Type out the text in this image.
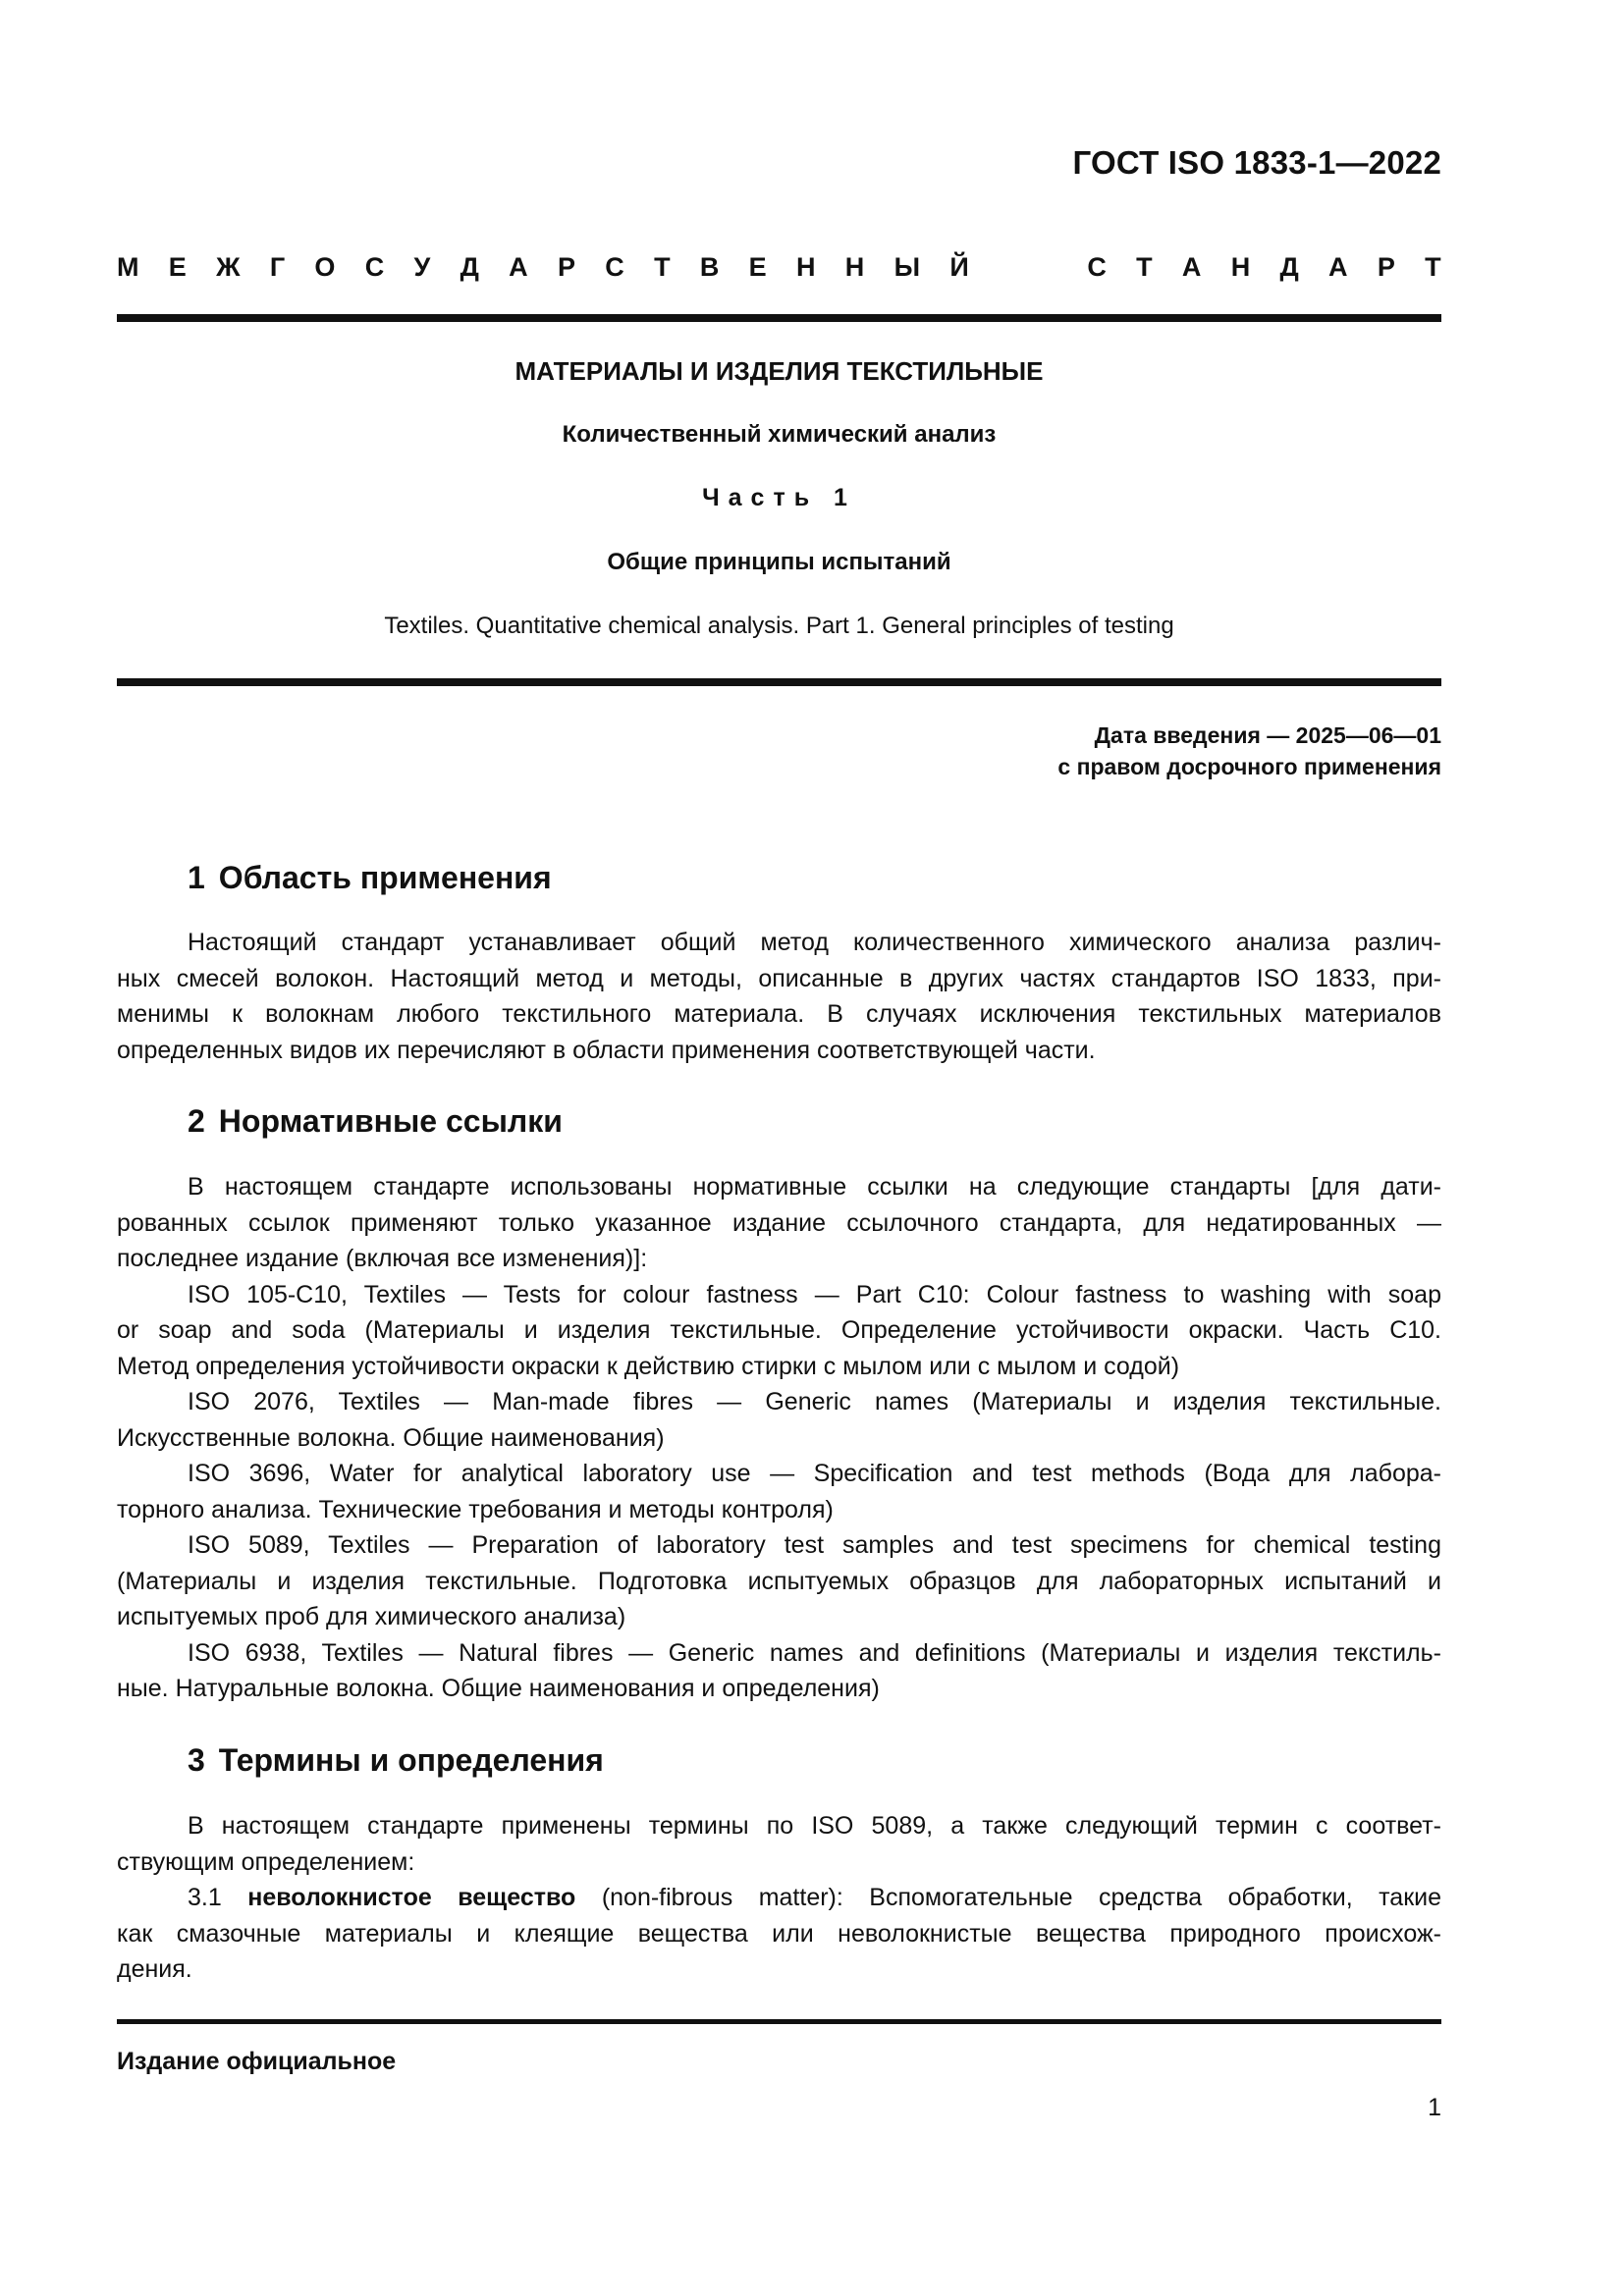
ГОСТ ISO 1833-1—2022
М Е Ж Г О С У Д А Р С Т В Е Н Н Ы Й	С Т А Н Д А Р Т
МАТЕРИАЛЫ И ИЗДЕЛИЯ ТЕКСТИЛЬНЫЕ
Количественный химический анализ
Часть 1
Общие принципы испытаний
Textiles. Quantitative chemical analysis. Part 1. General principles of testing
Дата введения — 2025—06—01
с правом досрочного применения
1 Область применения
Настоящий стандарт устанавливает общий метод количественного химического анализа различ-
ных смесей волокон. Настоящий метод и методы, описанные в других частях стандартов ISO 1833, при-
менимы к волокнам любого текстильного материала. В случаях исключения текстильных материалов
определенных видов их перечисляют в области применения соответствующей части.
2 Нормативные ссылки
В настоящем стандарте использованы нормативные ссылки на следующие стандарты [для дати-
рованных ссылок применяют только указанное издание ссылочного стандарта, для недатированных —
последнее издание (включая все изменения)]:
ISO 105-C10, Textiles — Tests for colour fastness — Part C10: Colour fastness to washing with soap
or soap and soda (Материалы и изделия текстильные. Определение устойчивости окраски. Часть С10.
Метод определения устойчивости окраски к действию стирки с мылом или с мылом и содой)
ISO 2076, Textiles — Man-made fibres — Generic names (Материалы и изделия текстильные.
Искусственные волокна. Общие наименования)
ISO 3696, Water for analytical laboratory use — Specification and test methods (Вода для лабора-
торного анализа. Технические требования и методы контроля)
ISO 5089, Textiles — Preparation of laboratory test samples and test specimens for chemical testing
(Материалы и изделия текстильные. Подготовка испытуемых образцов для лабораторных испытаний и
испытуемых проб для химического анализа)
ISO 6938, Textiles — Natural fibres — Generic names and definitions (Материалы и изделия текстиль-
ные. Натуральные волокна. Общие наименования и определения)
3 Термины и определения
В настоящем стандарте применены термины по ISO 5089, а также следующий термин с соответ-
ствующим определением:
3.1 неволокнистое вещество (non-fibrous matter): Вспомогательные средства обработки, такие
как смазочные материалы и клеящие вещества или неволокнистые вещества природного происхож-
дения.
Издание официальное
1
